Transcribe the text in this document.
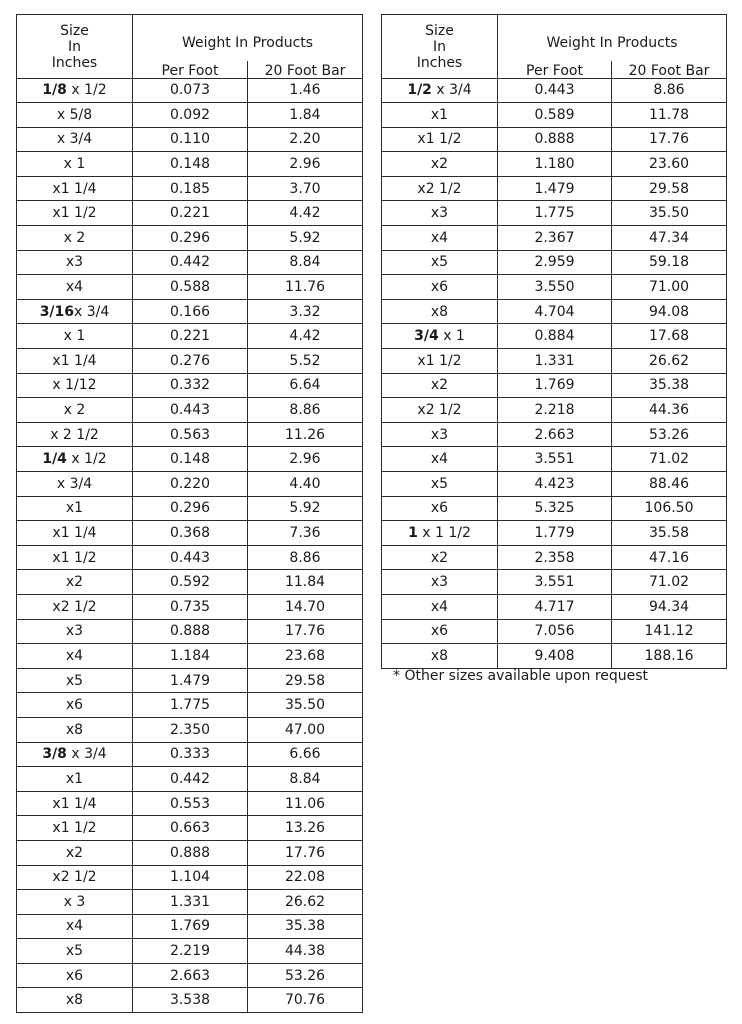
Size
In
Inches	Weight In Products	
	Per Foot	20 Foot Bar
1/8 x 1/2	0.073	1.46
x 5/8	0.092	1.84
x 3/4	0.110	2.20
x 1	0.148	2.96
x1 1/4	0.185	3.70
x1 1/2	0.221	4.42
x 2	0.296	5.92
x3	0.442	8.84
x4	0.588	11.76
3/16x 3/4	0.166	3.32
x 1	0.221	4.42
x1 1/4	0.276	5.52
x 1/12	0.332	6.64
x 2	0.443	8.86
x 2 1/2	0.563	11.26
1/4 x 1/2	0.148	2.96
x 3/4	0.220	4.40
x1	0.296	5.92
x1 1/4	0.368	7.36
x1 1/2	0.443	8.86
x2	0.592	11.84
x2 1/2	0.735	14.70
x3	0.888	17.76
x4	1.184	23.68
x5	1.479	29.58
x6	1.775	35.50
x8	2.350	47.00
3/8 x 3/4	0.333	6.66
x1	0.442	8.84
x1 1/4	0.553	11.06
x1 1/2	0.663	13.26
x2	0.888	17.76
x2 1/2	1.104	22.08
x 3	1.331	26.62
x4	1.769	35.38
x5	2.219	44.38
x6	2.663	53.26
x8	3.538	70.76
Size
In
Inches	Weight In Products	
	Per Foot	20 Foot Bar
1/2 x 3/4	0.443	8.86
x1	0.589	11.78
x1 1/2	0.888	17.76
x2	1.180	23.60
x2 1/2	1.479	29.58
x3	1.775	35.50
x4	2.367	47.34
x5	2.959	59.18
x6	3.550	71.00
x8	4.704	94.08
3/4 x 1	0.884	17.68
x1 1/2	1.331	26.62
x2	1.769	35.38
x2 1/2	2.218	44.36
x3	2.663	53.26
x4	3.551	71.02
x5	4.423	88.46
x6	5.325	106.50
1 x 1 1/2	1.779	35.58
x2	2.358	47.16
x3	3.551	71.02
x4	4.717	94.34
x6	7.056	141.12
x8	9.408	188.16
* Other sizes available upon request
